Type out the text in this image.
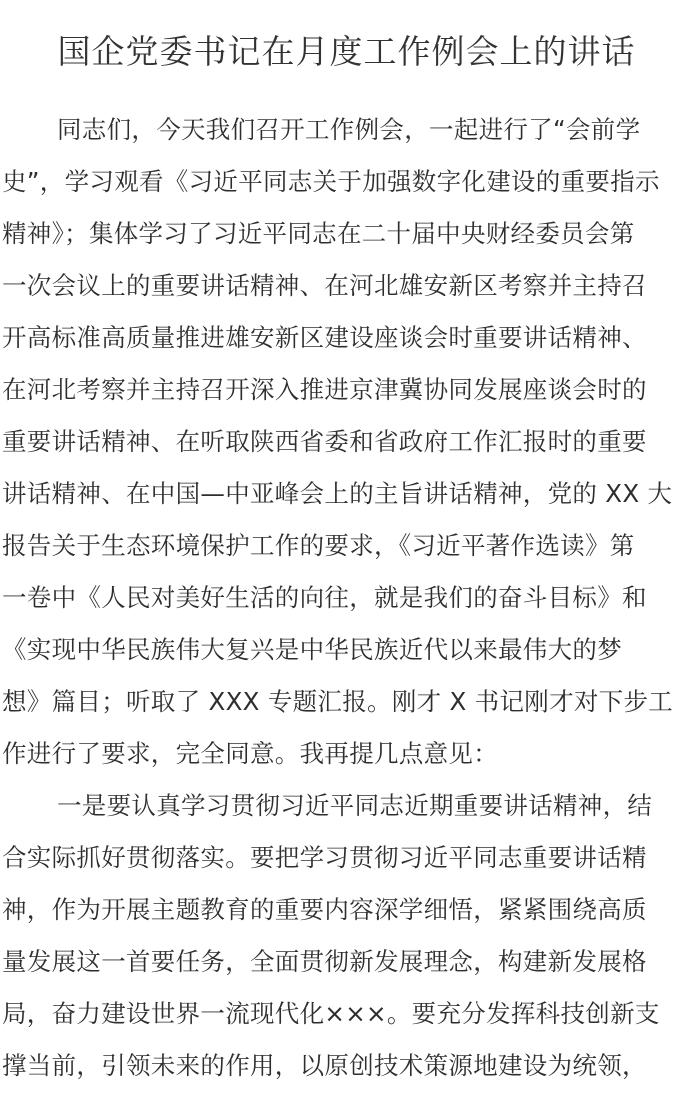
国企党委书记在月度工作例会上的讲话
同志们，今天我们召开工作例会，一起进行了“会前学
史”，学习观看《习近平同志关于加强数字化建设的重要指示
精神》；集体学习了习近平同志在二十届中央财经委员会第
一次会议上的重要讲话精神、在河北雄安新区考察并主持召
开高标准高质量推进雄安新区建设座谈会时重要讲话精神、
在河北考察并主持召开深入推进京津冀协同发展座谈会时的
重要讲话精神、在听取陕西省委和省政府工作汇报时的重要
讲话精神、在中国—中亚峰会上的主旨讲话精神，党的 XX 大
报告关于生态环境保护工作的要求，《习近平著作选读》第
一卷中《人民对美好生活的向往，就是我们的奋斗目标》和
《实现中华民族伟大复兴是中华民族近代以来最伟大的梦
想》篇目；听取了 XXX 专题汇报。刚才 X 书记刚才对下步工
作进行了要求，完全同意。我再提几点意见：
一是要认真学习贯彻习近平同志近期重要讲话精神，结
合实际抓好贯彻落实。要把学习贯彻习近平同志重要讲话精
神，作为开展主题教育的重要内容深学细悟，紧紧围绕高质
量发展这一首要任务，全面贯彻新发展理念，构建新发展格
局，奋力建设世界一流现代化×××。要充分发挥科技创新支
撑当前，引领未来的作用，以原创技术策源地建设为统领，
